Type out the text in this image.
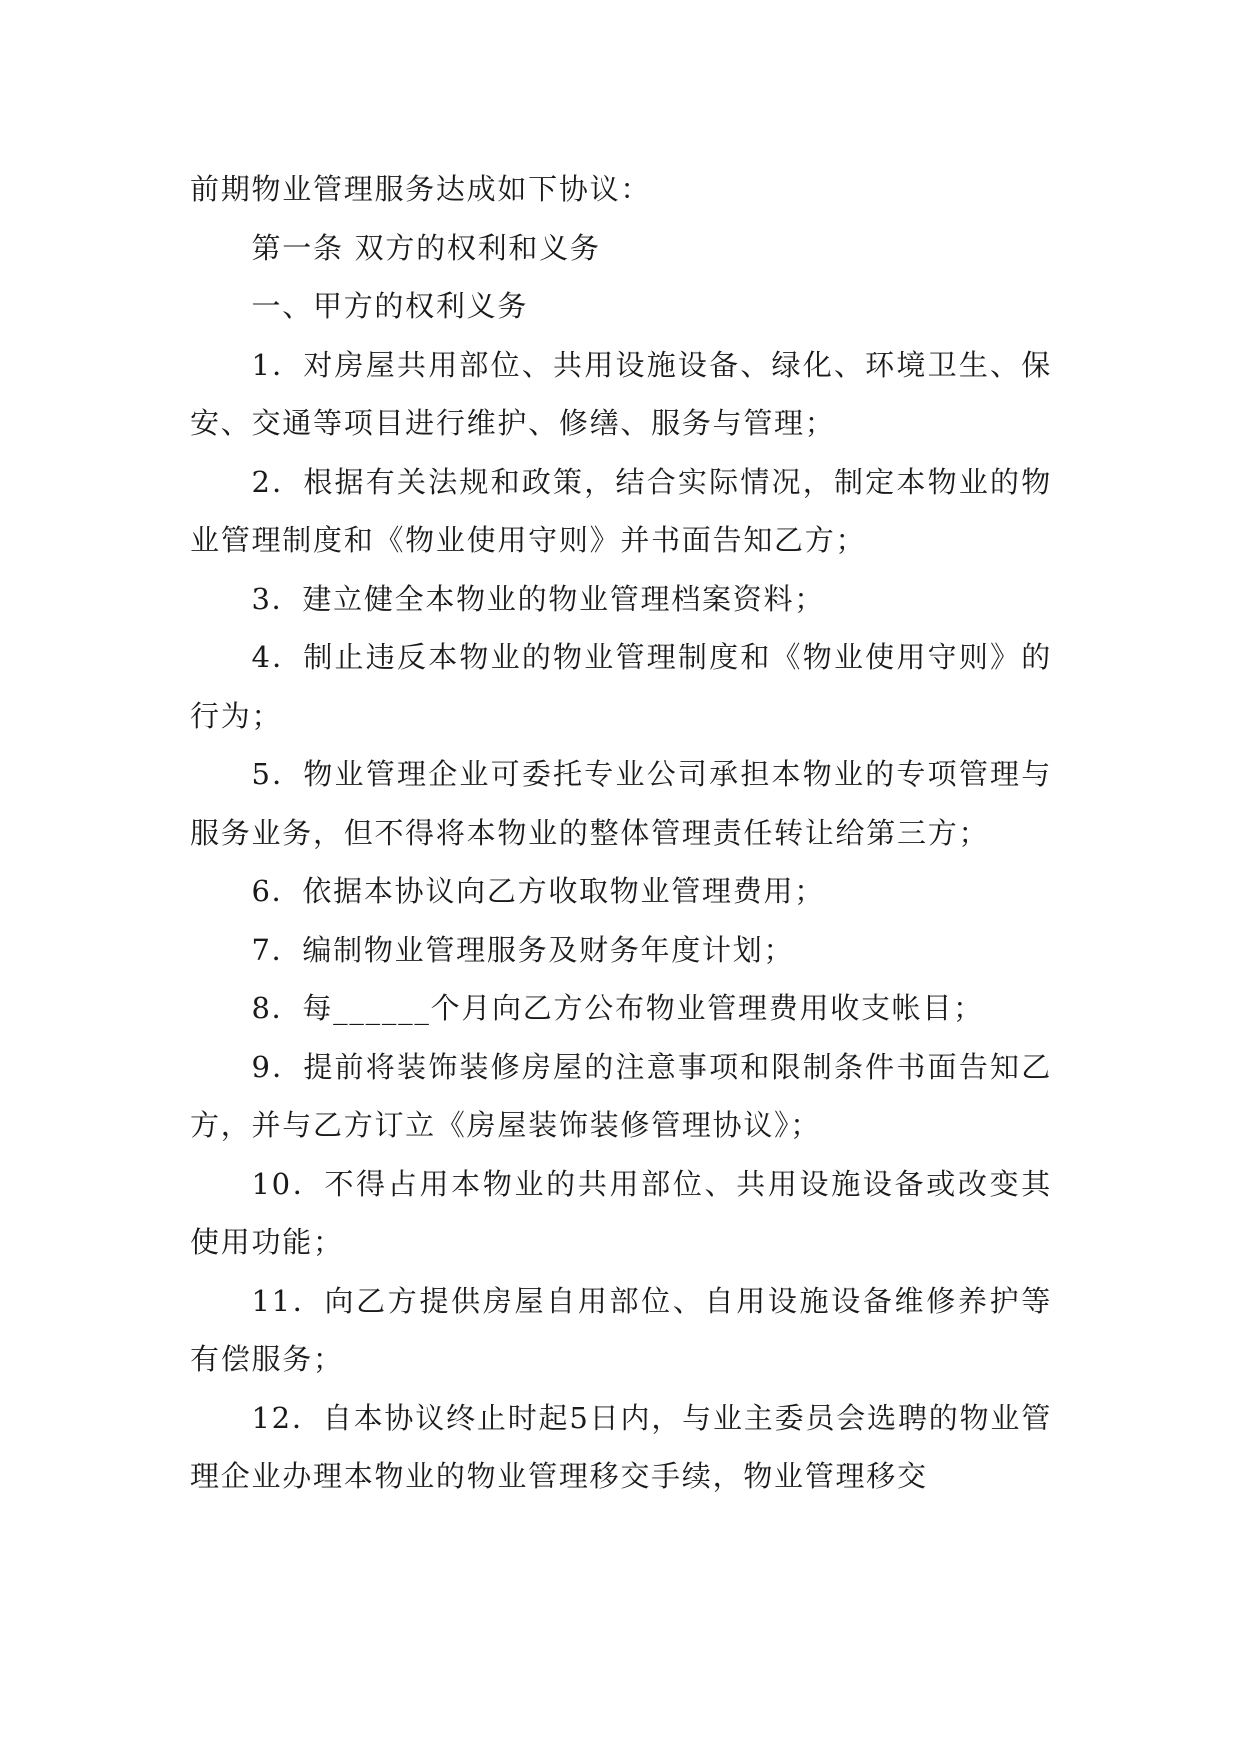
前期物业管理服务达成如下协议：

第一条 双方的权利和义务

一、甲方的权利义务

1．对房屋共用部位、共用设施设备、绿化、环境卫生、保安、交通等项目进行维护、修缮、服务与管理；

2．根据有关法规和政策，结合实际情况，制定本物业的物业管理制度和《物业使用守则》并书面告知乙方；

3．建立健全本物业的物业管理档案资料；

4．制止违反本物业的物业管理制度和《物业使用守则》的行为；

5．物业管理企业可委托专业公司承担本物业的专项管理与服务业务，但不得将本物业的整体管理责任转让给第三方；

6．依据本协议向乙方收取物业管理费用；

7．编制物业管理服务及财务年度计划；

8．每______个月向乙方公布物业管理费用收支帐目；

9．提前将装饰装修房屋的注意事项和限制条件书面告知乙方，并与乙方订立《房屋装饰装修管理协议》；

10．不得占用本物业的共用部位、共用设施设备或改变其使用功能；

11．向乙方提供房屋自用部位、自用设施设备维修养护等有偿服务；

12．自本协议终止时起5日内，与业主委员会选聘的物业管理企业办理本物业的物业管理移交手续，物业管理移交
